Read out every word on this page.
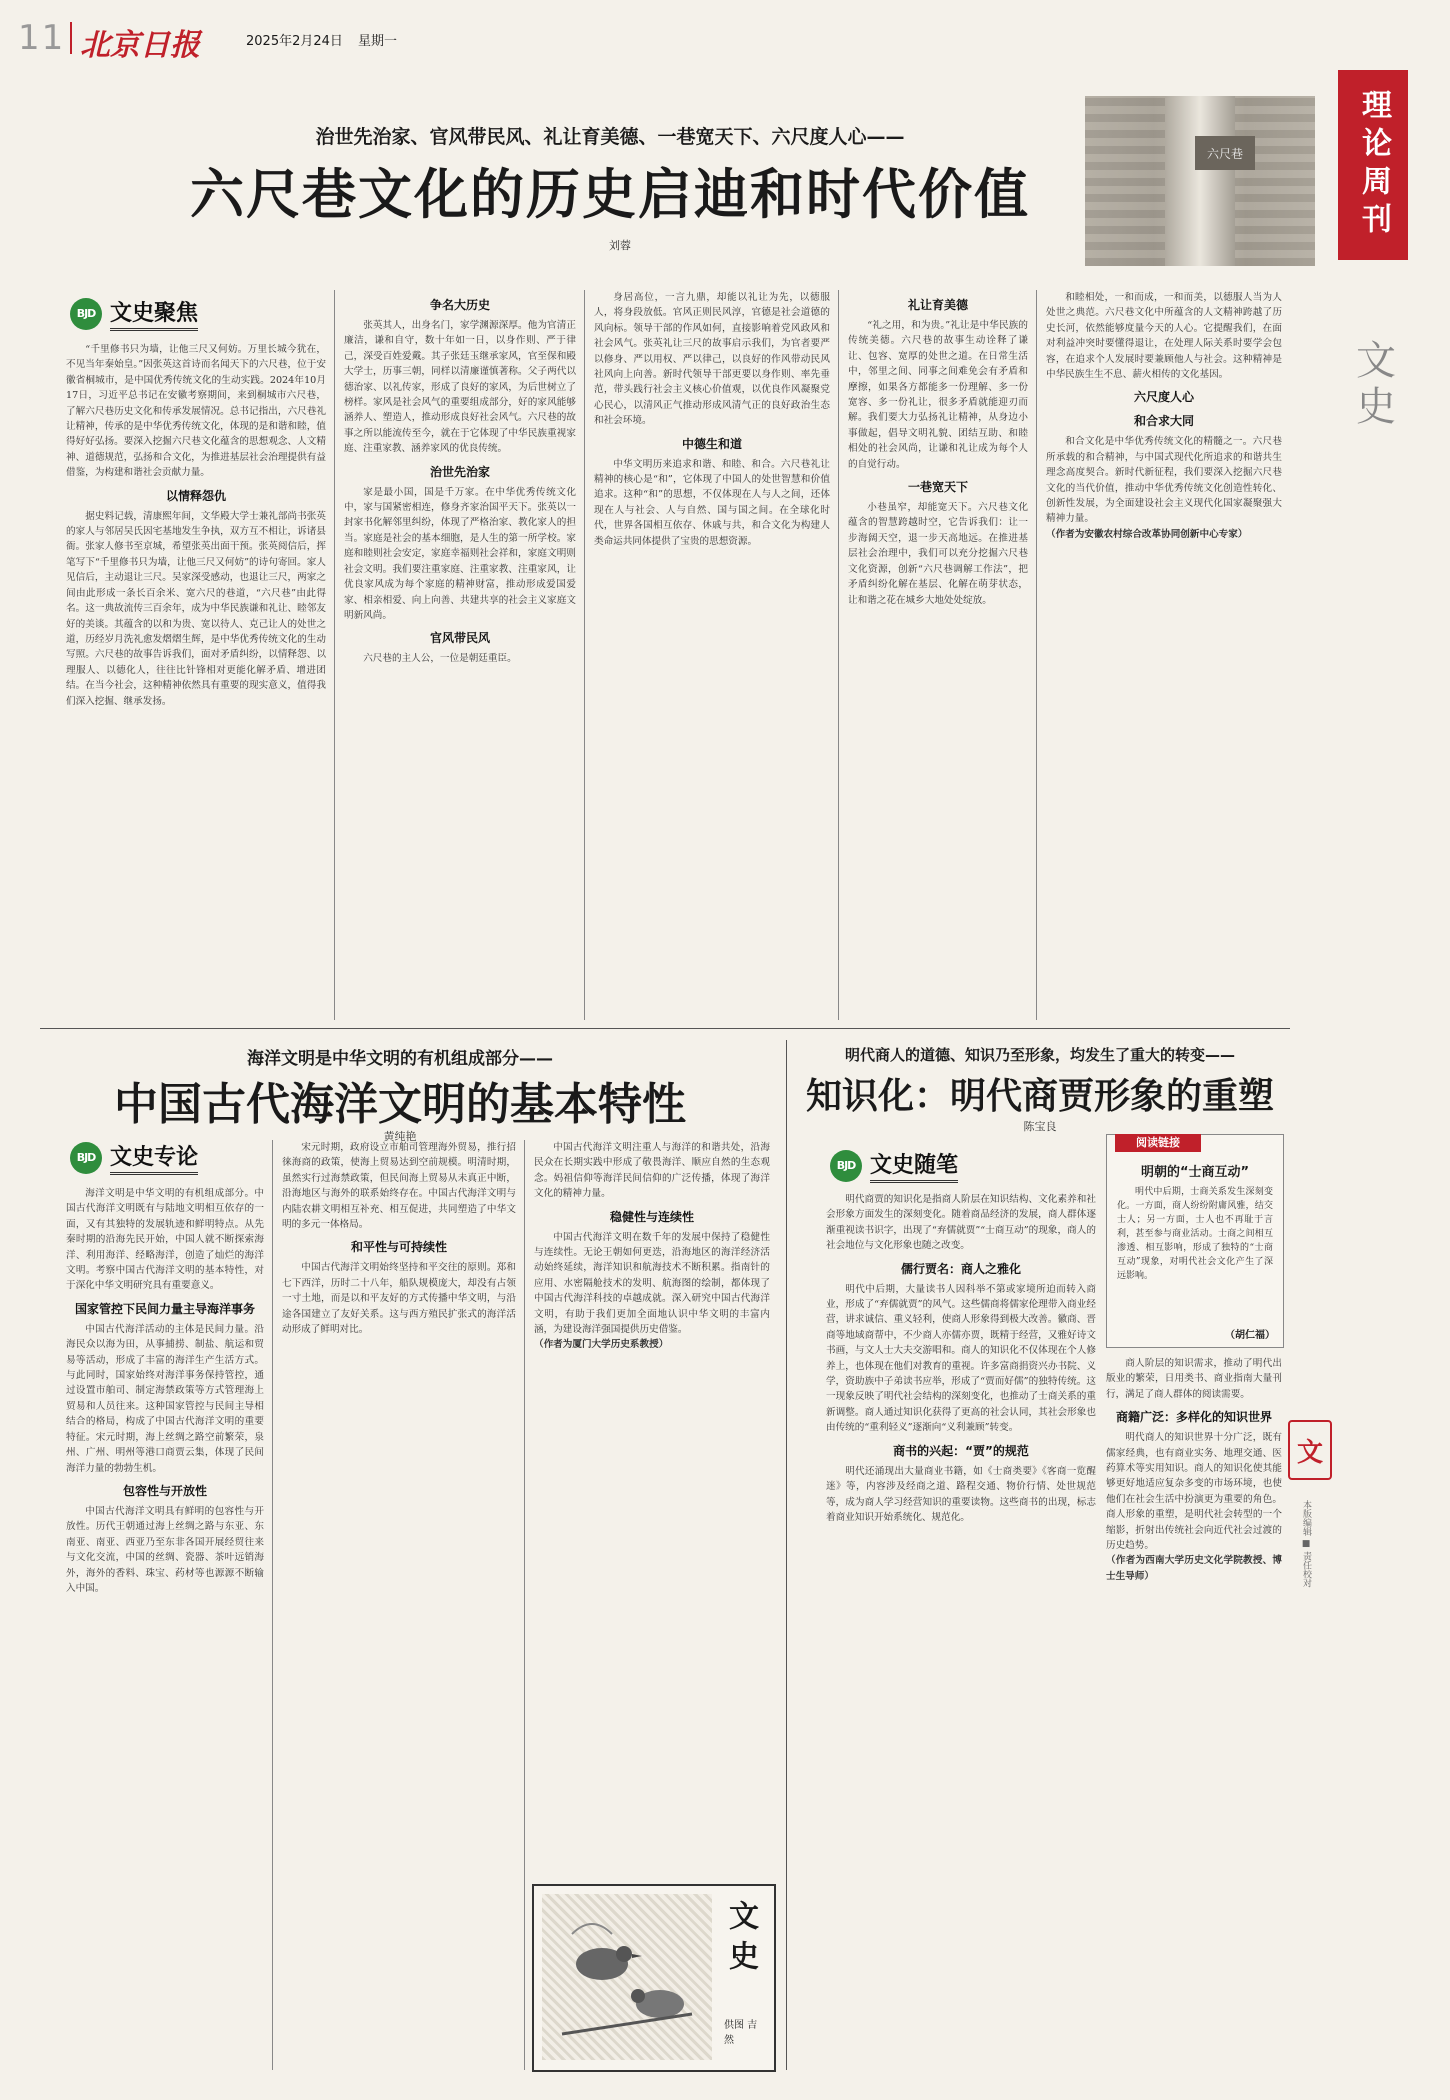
11 北京日报	2025年2月24日 星期一
理论周刊
文史
文
本版编辑 ■ 责任校对
治世先治家、官风带民风、礼让育美德、一巷宽天下、六尺度人心——
六尺巷文化的历史启迪和时代价值
六尺巷
刘蓉
BJD 文史聚焦

“千里修书只为墙，让他三尺又何妨。万里长城今犹在，不见当年秦始皇。”因张英这首诗而名闻天下的六尺巷，位于安徽省桐城市，是中国优秀传统文化的生动实践。2024年10月17日，习近平总书记在安徽考察期间，来到桐城市六尺巷，了解六尺巷历史文化和传承发展情况。总书记指出，六尺巷礼让精神，传承的是中华优秀传统文化，体现的是和谐和睦，值得好好弘扬。要深入挖掘六尺巷文化蕴含的思想观念、人文精神、道德规范，弘扬和合文化，为推进基层社会治理提供有益借鉴，为构建和谐社会贡献力量。

以情释怨仇

据史料记载，清康熙年间，文华殿大学士兼礼部尚书张英的家人与邻居吴氏因宅基地发生争执，双方互不相让，诉诸县衙。张家人修书至京城，希望张英出面干预。张英阅信后，挥笔写下“千里修书只为墙，让他三尺又何妨”的诗句寄回。家人见信后，主动退让三尺。吴家深受感动，也退让三尺，两家之间由此形成一条长百余米、宽六尺的巷道，“六尺巷”由此得名。这一典故流传三百余年，成为中华民族谦和礼让、睦邻友好的美谈。其蕴含的以和为贵、宽以待人、克己让人的处世之道，历经岁月洗礼愈发熠熠生辉，是中华优秀传统文化的生动写照。六尺巷的故事告诉我们，面对矛盾纠纷，以情释怨、以理服人、以德化人，往往比针锋相对更能化解矛盾、增进团结。在当今社会，这种精神依然具有重要的现实意义，值得我们深入挖掘、继承发扬。

争名大历史

张英其人，出身名门，家学渊源深厚。他为官清正廉洁，谦和自守，数十年如一日，以身作则、严于律己，深受百姓爱戴。其子张廷玉继承家风，官至保和殿大学士，历事三朝，同样以清廉谨慎著称。父子两代以德治家、以礼传家，形成了良好的家风，为后世树立了榜样。家风是社会风气的重要组成部分，好的家风能够涵养人、塑造人，推动形成良好社会风气。六尺巷的故事之所以能流传至今，就在于它体现了中华民族重视家庭、注重家教、涵养家风的优良传统。

治世先治家

家是最小国，国是千万家。在中华优秀传统文化中，家与国紧密相连，修身齐家治国平天下。张英以一封家书化解邻里纠纷，体现了严格治家、教化家人的担当。家庭是社会的基本细胞，是人生的第一所学校。家庭和睦则社会安定，家庭幸福则社会祥和，家庭文明则社会文明。我们要注重家庭、注重家教、注重家风，让优良家风成为每个家庭的精神财富，推动形成爱国爱家、相亲相爱、向上向善、共建共享的社会主义家庭文明新风尚。

官风带民风

六尺巷的主人公，一位是朝廷重臣。

身居高位，一言九鼎，却能以礼让为先，以德服人，将身段放低。官风正则民风淳，官德是社会道德的风向标。领导干部的作风如何，直接影响着党风政风和社会风气。张英礼让三尺的故事启示我们，为官者要严以修身、严以用权、严以律己，以良好的作风带动民风社风向上向善。新时代领导干部更要以身作则、率先垂范，带头践行社会主义核心价值观，以优良作风凝聚党心民心，以清风正气推动形成风清气正的良好政治生态和社会环境。

中德生和道

中华文明历来追求和谐、和睦、和合。六尺巷礼让精神的核心是“和”，它体现了中国人的处世智慧和价值追求。这种“和”的思想，不仅体现在人与人之间，还体现在人与社会、人与自然、国与国之间。在全球化时代，世界各国相互依存、休戚与共，和合文化为构建人类命运共同体提供了宝贵的思想资源。

礼让育美德

“礼之用，和为贵。”礼让是中华民族的传统美德。六尺巷的故事生动诠释了谦让、包容、宽厚的处世之道。在日常生活中，邻里之间、同事之间难免会有矛盾和摩擦，如果各方都能多一份理解、多一份宽容、多一份礼让，很多矛盾就能迎刃而解。我们要大力弘扬礼让精神，从身边小事做起，倡导文明礼貌、团结互助、和睦相处的社会风尚，让谦和礼让成为每个人的自觉行动。

一巷宽天下

小巷虽窄，却能宽天下。六尺巷文化蕴含的智慧跨越时空，它告诉我们：让一步海阔天空，退一步天高地远。在推进基层社会治理中，我们可以充分挖掘六尺巷文化资源，创新“六尺巷调解工作法”，把矛盾纠纷化解在基层、化解在萌芽状态，让和谐之花在城乡大地处处绽放。

和睦相处，一和而成，一和而美，以德服人当为人处世之典范。六尺巷文化中所蕴含的人文精神跨越了历史长河，依然能够度量今天的人心。它提醒我们，在面对利益冲突时要懂得退让，在处理人际关系时要学会包容，在追求个人发展时要兼顾他人与社会。这种精神是中华民族生生不息、薪火相传的文化基因。

六尺度人心
和合求大同

和合文化是中华优秀传统文化的精髓之一。六尺巷所承载的和合精神，与中国式现代化所追求的和谐共生理念高度契合。新时代新征程，我们要深入挖掘六尺巷文化的当代价值，推动中华优秀传统文化创造性转化、创新性发展，为全面建设社会主义现代化国家凝聚强大精神力量。

（作者为安徽农村综合改革协同创新中心专家）

海洋文明是中华文明的有机组成部分——
中国古代海洋文明的基本特性
黄纯艳
BJD 文史专论

海洋文明是中华文明的有机组成部分。中国古代海洋文明既有与陆地文明相互依存的一面，又有其独特的发展轨迹和鲜明特点。从先秦时期的沿海先民开始，中国人就不断探索海洋、利用海洋、经略海洋，创造了灿烂的海洋文明。考察中国古代海洋文明的基本特性，对于深化中华文明研究具有重要意义。

国家管控下民间力量主导海洋事务

中国古代海洋活动的主体是民间力量。沿海民众以海为田，从事捕捞、制盐、航运和贸易等活动，形成了丰富的海洋生产生活方式。与此同时，国家始终对海洋事务保持管控，通过设置市舶司、制定海禁政策等方式管理海上贸易和人员往来。这种国家管控与民间主导相结合的格局，构成了中国古代海洋文明的重要特征。宋元时期，海上丝绸之路空前繁荣，泉州、广州、明州等港口商贾云集，体现了民间海洋力量的勃勃生机。

包容性与开放性

中国古代海洋文明具有鲜明的包容性与开放性。历代王朝通过海上丝绸之路与东亚、东南亚、南亚、西亚乃至东非各国开展经贸往来与文化交流，中国的丝绸、瓷器、茶叶远销海外，海外的香料、珠宝、药材等也源源不断输入中国。

宋元时期，政府设立市舶司管理海外贸易，推行招徕海商的政策，使海上贸易达到空前规模。明清时期，虽然实行过海禁政策，但民间海上贸易从未真正中断，沿海地区与海外的联系始终存在。中国古代海洋文明与内陆农耕文明相互补充、相互促进，共同塑造了中华文明的多元一体格局。

和平性与可持续性

中国古代海洋文明始终坚持和平交往的原则。郑和七下西洋，历时二十八年，船队规模庞大，却没有占领一寸土地，而是以和平友好的方式传播中华文明，与沿途各国建立了友好关系。这与西方殖民扩张式的海洋活动形成了鲜明对比。

中国古代海洋文明注重人与海洋的和谐共处，沿海民众在长期实践中形成了敬畏海洋、顺应自然的生态观念。妈祖信仰等海洋民间信仰的广泛传播，体现了海洋文化的精神力量。

稳健性与连续性

中国古代海洋文明在数千年的发展中保持了稳健性与连续性。无论王朝如何更迭，沿海地区的海洋经济活动始终延续，海洋知识和航海技术不断积累。指南针的应用、水密隔舱技术的发明、航海图的绘制，都体现了中国古代海洋科技的卓越成就。深入研究中国古代海洋文明，有助于我们更加全面地认识中华文明的丰富内涵，为建设海洋强国提供历史借鉴。

（作者为厦门大学历史系教授）

文史
供图 吉然
明代商人的道德、知识乃至形象，均发生了重大的转变——
知识化：明代商贾形象的重塑
陈宝良
BJD 文史随笔
阅读链接
明朝的“士商互动”

明代中后期，士商关系发生深刻变化。一方面，商人纷纷附庸风雅，结交士人；另一方面，士人也不再耻于言利，甚至参与商业活动。士商之间相互渗透、相互影响，形成了独特的“士商互动”现象，对明代社会文化产生了深远影响。

（胡仁福）

明代商贾的知识化是指商人阶层在知识结构、文化素养和社会形象方面发生的深刻变化。随着商品经济的发展，商人群体逐渐重视读书识字，出现了“弃儒就贾”“士商互动”的现象，商人的社会地位与文化形象也随之改变。

儒行贾名：商人之雅化

明代中后期，大量读书人因科举不第或家境所迫而转入商业，形成了“弃儒就贾”的风气。这些儒商将儒家伦理带入商业经营，讲求诚信、重义轻利，使商人形象得到极大改善。徽商、晋商等地域商帮中，不少商人亦儒亦贾，既精于经营，又雅好诗文书画，与文人士大夫交游唱和。商人的知识化不仅体现在个人修养上，也体现在他们对教育的重视。许多富商捐资兴办书院、义学，资助族中子弟读书应举，形成了“贾而好儒”的独特传统。这一现象反映了明代社会结构的深刻变化，也推动了士商关系的重新调整。商人通过知识化获得了更高的社会认同，其社会形象也由传统的“重利轻义”逐渐向“义利兼顾”转变。

商书的兴起：“贾”的规范

明代还涌现出大量商业书籍，如《士商类要》《客商一览醒迷》等，内容涉及经商之道、路程交通、物价行情、处世规范等，成为商人学习经营知识的重要读物。这些商书的出现，标志着商业知识开始系统化、规范化。

商人阶层的知识需求，推动了明代出版业的繁荣，日用类书、商业指南大量刊行，满足了商人群体的阅读需要。

商籍广泛：多样化的知识世界

明代商人的知识世界十分广泛，既有儒家经典，也有商业实务、地理交通、医药算术等实用知识。商人的知识化使其能够更好地适应复杂多变的市场环境，也使他们在社会生活中扮演更为重要的角色。商人形象的重塑，是明代社会转型的一个缩影，折射出传统社会向近代社会过渡的历史趋势。

（作者为西南大学历史文化学院教授、博士生导师）
